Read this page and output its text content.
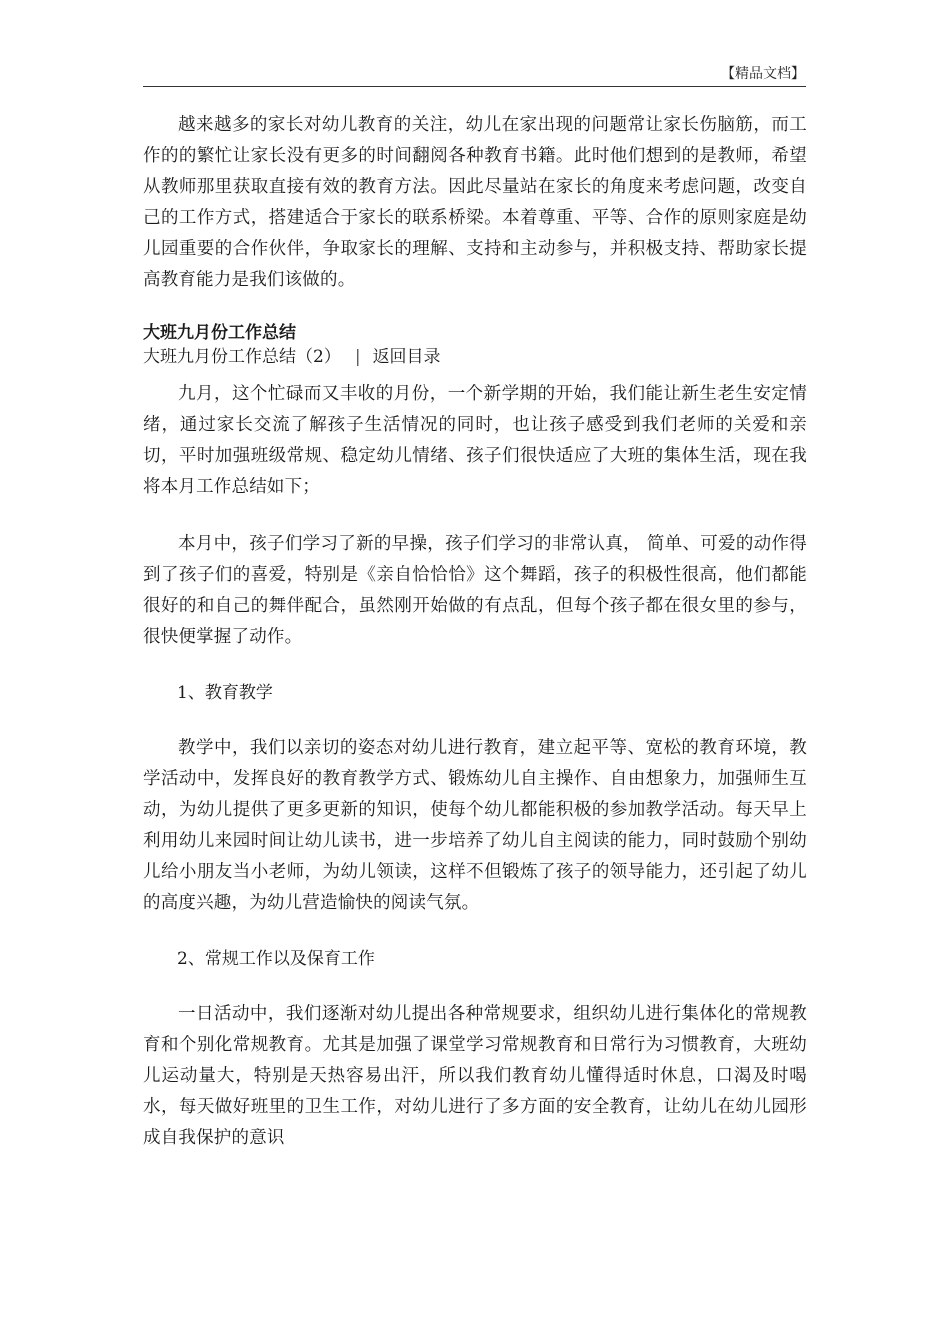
【精品文档】

越来越多的家长对幼儿教育的关注，幼儿在家出现的问题常让家长伤脑筋，而工作的的繁忙让家长没有更多的时间翻阅各种教育书籍。此时他们想到的是教师，希望从教师那里获取直接有效的教育方法。因此尽量站在家长的角度来考虑问题，改变自己的工作方式，搭建适合于家长的联系桥梁。本着尊重、平等、合作的原则家庭是幼儿园重要的合作伙伴，争取家长的理解、支持和主动参与，并积极支持、帮助家长提高教育能力是我们该做的。

大班九月份工作总结

大班九月份工作总结（2） | 返回目录

九月，这个忙碌而又丰收的月份，一个新学期的开始，我们能让新生老生安定情绪，通过家长交流了解孩子生活情况的同时，也让孩子感受到我们老师的关爱和亲切，平时加强班级常规、稳定幼儿情绪、孩子们很快适应了大班的集体生活，现在我将本月工作总结如下；

本月中，孩子们学习了新的早操，孩子们学习的非常认真， 简单、可爱的动作得到了孩子们的喜爱，特别是《亲自恰恰恰》这个舞蹈，孩子的积极性很高，他们都能很好的和自己的舞伴配合，虽然刚开始做的有点乱，但每个孩子都在很女里的参与，很快便掌握了动作。

1、教育教学

教学中，我们以亲切的姿态对幼儿进行教育，建立起平等、宽松的教育环境，教学活动中，发挥良好的教育教学方式、锻炼幼儿自主操作、自由想象力，加强师生互动，为幼儿提供了更多更新的知识，使每个幼儿都能积极的参加教学活动。每天早上利用幼儿来园时间让幼儿读书，进一步培养了幼儿自主阅读的能力，同时鼓励个别幼儿给小朋友当小老师，为幼儿领读，这样不但锻炼了孩子的领导能力，还引起了幼儿的高度兴趣，为幼儿营造愉快的阅读气氛。

2、常规工作以及保育工作

一日活动中，我们逐渐对幼儿提出各种常规要求，组织幼儿进行集体化的常规教育和个别化常规教育。尤其是加强了课堂学习常规教育和日常行为习惯教育，大班幼儿运动量大，特别是天热容易出汗，所以我们教育幼儿懂得适时休息，口渴及时喝水，每天做好班里的卫生工作，对幼儿进行了多方面的安全教育，让幼儿在幼儿园形成自我保护的意识
